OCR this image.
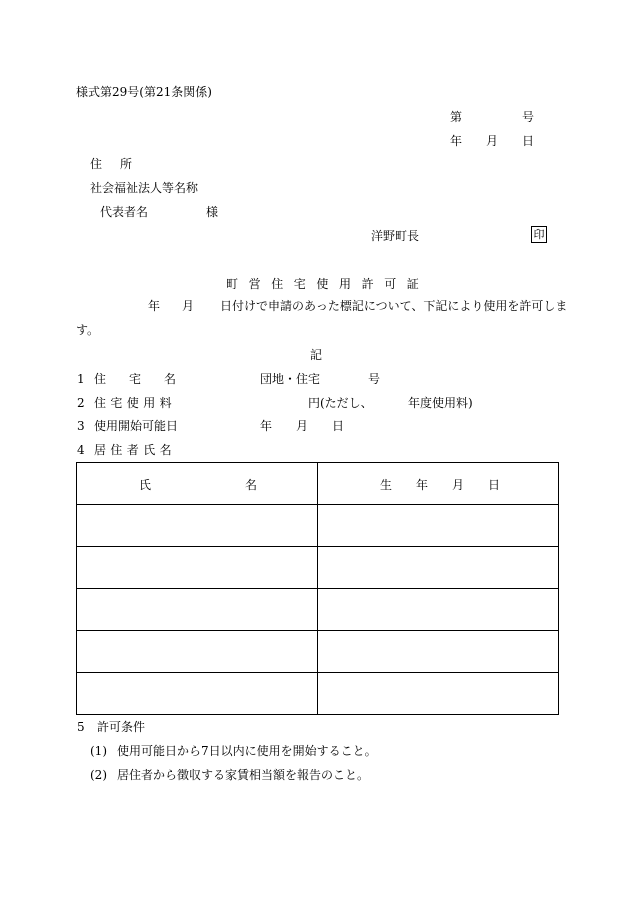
様式第29号(第21条関係)
第	号
年 月 日
住所
社会福祉法人等名称
代表者名	様
洋野町長	印
町営住宅使用許可証
年 月 日付けで申請のあった標記について、下記により使用を許可しま
す。
記
1 住宅名	団地・住宅	号
2 住宅使用料	円(ただし、	年度使用料)
3 使用開始可能日	年 月 日
4 居住者氏名
氏 名	生 年 月 日

5 許可条件
(1) 使用可能日から7日以内に使用を開始すること。
(2) 居住者から徴収する家賃相当額を報告のこと。
